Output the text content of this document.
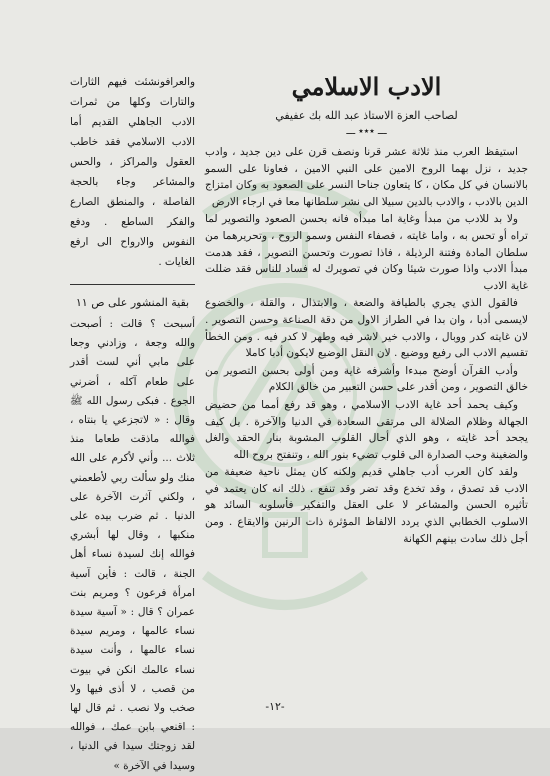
الادب الاسلامي
لصاحب العزة الاستاذ عبد الله بك عفيفي
ـــ ٭٭٭ ـــ

استيقظ العرب منذ ثلاثة عشر قرنا ونصف قرن على دين جديد ، وادب جديد ، نزل بهما الروح الامين على النبي الامين ، فعاونا على السمو بالانسان في كل مكان ، كا يتعاون جناحا النسر على الصعود به وكان امتزاج الدين بالادب ، والادب بالدين سبيلا الى نشر سلطانها معا في ارجاء الارض

ولا بد للادب من مبدأ وغاية اما مبدأه فانه بحسن الصعود والتصوير لما تراه أو تحس به ، واما غايته ، فصفاء النفس وسمو الروح ، وتحريرهما من سلطان المادة وفتنة الرذيلة ، فاذا تصورت وتحسن التصوير ، فقد هدمت مبدأ الادب واذا صورت شيئا وكان في تصويرك له فساد للناس فقد ضللت غاية الادب

فالقول الذي يجري بالطيافة والضعة ، والابتذال ، والقلة ، والخضوع لايسمى أدبا ، وان بدا في الطراز الاول من دقة الصناعة وحسن التصوير . لان غايته كدر ووبال ، والادب خير لاشر فيه وطهر لا كدر فيه . ومن الخطأ تقسيم الادب الى رفيع ووضيع . لان النقل الوضيع لايكون أدبا كاملا

وأدب القرآن أوضح مبدءا وأشرفه غاية ومن أولى بحسن التصوير من خالق التصوير ، ومن أقدر على حسن التعبير من خالق الكلام

وكيف يحمد أحد غاية الادب الاسلامي ، وهو قد رفع أمما من حضيض الجهالة وظلام الضلالة الى مرتقى السعادة في الدنيا والآخرة . بل كيف يجحد أحد غايته ، وهو الذي أحال القلوب المشوبة بنار الحقد والغل والضغينة وحب الصدارة الى قلوب تضيء بنور الله ، وتنفتح بروح الله

ولقد كان العرب أدب جاهلي قديم ولكنه كان يمثل ناحية ضعيفة من الادب قد تصدق ، وقد تخدع وقد تضر وقد تنفع . ذلك انه كان يعتمد في تأثيره الحسن والمشاعر لا على العقل والتفكير فأسلوبه السائد هو الاسلوب الخطابي الذي يردد الالفاظ المؤثرة ذات الرنين والايقاع . ومن أجل ذلك سادت بينهم الكهانة

والعرافونشئت فيهم الثارات والتارات وكلها من ثمرات الادب الجاهلي القديم أما الادب الاسلامي فقد خاطب العقول والمراكز ، والحس والمشاعر وجاء بالحجة الفاصلة ، والمنطق الصارع والفكر الساطع . ودفع النفوس والارواح الى ارفع الغايات .

بقية المنشور على ص ١١

أسبحت ؟ قالت : أصبحت والله وجعة ، وزادني وجعا على مابي أني لست أقدر على طعام آكله ، أضرني الجوع . فبكى رسول الله ﷺ وقال : « لاتجزعي يا بنتاه ، فوالله ماذقت طعاما منذ ثلاث ... وأني لأكرم على الله منك ولو سألت ربي لأطعمني ، ولكني آثرت الآخرة على الدنيا . ثم ضرب بيده على منكبها ، وقال لها أبشري فوالله إنك لسيدة نساء أهل الجنة ، قالت : فأين آسية امرأة فرعون ؟ ومريم بنت عمران ؟ قال : « آسية سيدة نساء عالمها ، ومريم سيدة نساء عالمها ، وأنت سيدة نساء عالمك انكن في بيوت من قصب ، لا أذى فيها ولا صخب ولا نصب . ثم قال لها : اقنعي بابن عمك ، فوالله لقد زوجتك سيدا في الدنيا ، وسيدا في الآخرة »

-١٢-
